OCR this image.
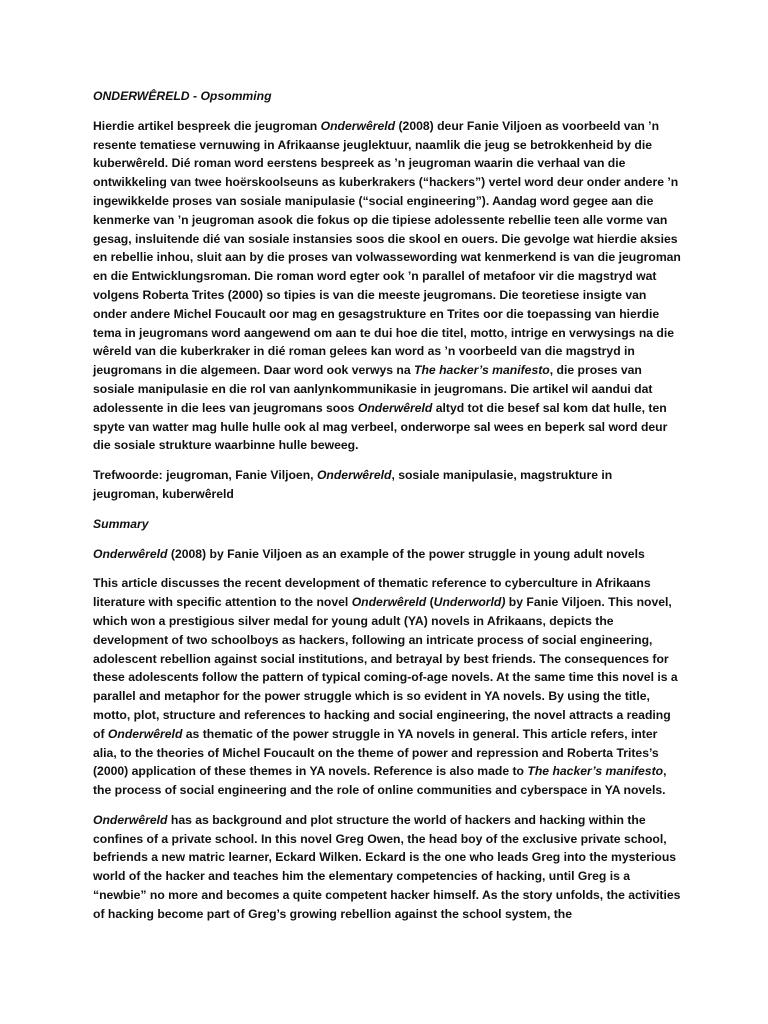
ONDERWÊRELD - Opsomming

Hierdie artikel bespreek die jeugroman Onderwêreld (2008) deur Fanie Viljoen as voorbeeld van ’n resente tematiese vernuwing in Afrikaanse jeuglektuur, naamlik die jeug se betrokkenheid by die kuberwêreld. Dié roman word eerstens bespreek as ’n jeugroman waarin die verhaal van die ontwikkeling van twee hoërskoolseuns as kuberkrakers (“hackers”) vertel word deur onder andere ’n ingewikkelde proses van sosiale manipulasie (“social engineering”). Aandag word gegee aan die kenmerke van ’n jeugroman asook die fokus op die tipiese adolessente rebellie teen alle vorme van gesag, insluitende dié van sosiale instansies soos die skool en ouers. Die gevolge wat hierdie aksies en rebellie inhou, sluit aan by die proses van volwassewording wat kenmerkend is van die jeugroman en die Entwicklungsroman. Die roman word egter ook ’n parallel of metafoor vir die magstryd wat volgens Roberta Trites (2000) so tipies is van die meeste jeugromans. Die teoretiese insigte van onder andere Michel Foucault oor mag en gesagstrukture en Trites oor die toepassing van hierdie tema in jeugromans word aangewend om aan te dui hoe die titel, motto, intrige en verwysings na die wêreld van die kuberkraker in dié roman gelees kan word as ’n voorbeeld van die magstryd in jeugromans in die algemeen. Daar word ook verwys na The hacker’s manifesto, die proses van sosiale manipulasie en die rol van aanlynkommunikasie in jeugromans. Die artikel wil aandui dat adolessente in die lees van jeugromans soos Onderwêreld altyd tot die besef sal kom dat hulle, ten spyte van watter mag hulle hulle ook al mag verbeel, onderworpe sal wees en beperk sal word deur die sosiale strukture waarbinne hulle beweeg.

Trefwoorde: jeugroman, Fanie Viljoen, Onderwêreld, sosiale manipulasie, magstrukture in jeugroman, kuberwêreld

Summary

Onderwêreld (2008) by Fanie Viljoen as an example of the power struggle in young adult novels

This article discusses the recent development of thematic reference to cyberculture in Afrikaans literature with specific attention to the novel Onderwêreld (Underworld) by Fanie Viljoen. This novel, which won a prestigious silver medal for young adult (YA) novels in Afrikaans, depicts the development of two schoolboys as hackers, following an intricate process of social engineering, adolescent rebellion against social institutions, and betrayal by best friends. The consequences for these adolescents follow the pattern of typical coming-of-age novels. At the same time this novel is a parallel and metaphor for the power struggle which is so evident in YA novels. By using the title, motto, plot, structure and references to hacking and social engineering, the novel attracts a reading of Onderwêreld as thematic of the power struggle in YA novels in general. This article refers, inter alia, to the theories of Michel Foucault on the theme of power and repression and Roberta Trites’s (2000) application of these themes in YA novels. Reference is also made to The hacker’s manifesto, the process of social engineering and the role of online communities and cyberspace in YA novels.

Onderwêreld has as background and plot structure the world of hackers and hacking within the confines of a private school. In this novel Greg Owen, the head boy of the exclusive private school, befriends a new matric learner, Eckard Wilken. Eckard is the one who leads Greg into the mysterious world of the hacker and teaches him the elementary competencies of hacking, until Greg is a “newbie” no more and becomes a quite competent hacker himself. As the story unfolds, the activities of hacking become part of Greg’s growing rebellion against the school system, the
